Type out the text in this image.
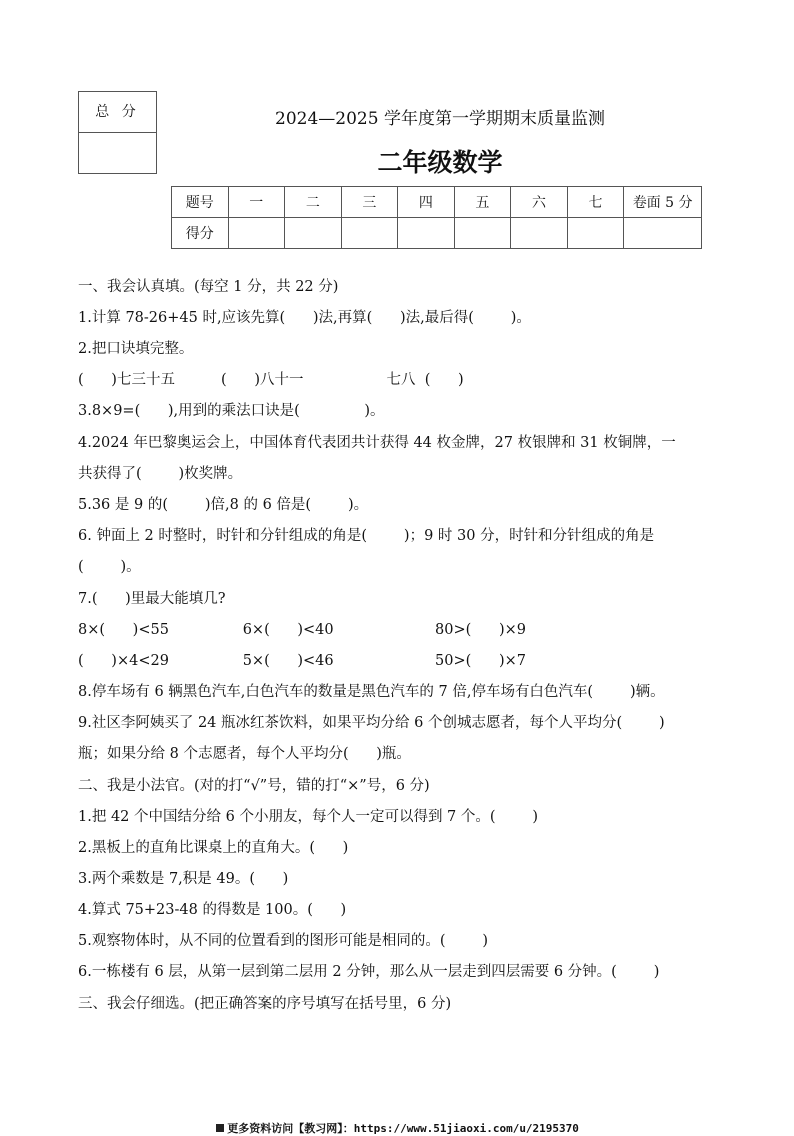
总 分	2024—2025 学年度第一学期期末质量监测
二年级数学
题号	一	二	三	四	五	六	七	卷面 5 分
得分								
一、我会认真填。(每空 1 分，共 22 分)
1.计算 78-26+45 时,应该先算(      )法,再算(      )法,最后得(        )。
2.把口诀填完整。
(      )七三十五          (      )八十一                  七八  (      )
3.8×9=(      ),用到的乘法口诀是(              )。
4.2024 年巴黎奥运会上，中国体育代表团共计获得 44 枚金牌，27 枚银牌和 31 枚铜牌，一
共获得了(        )枚奖牌。
5.36 是 9 的(        )倍,8 的 6 倍是(        )。
6. 钟面上 2 时整时，时针和分针组成的角是(        )；9 时 30 分，时针和分针组成的角是
(        )。
7.(      )里最大能填几?
8×(      )<55                6×(      )<40                      80>(      )×9
(      )×4<29                5×(      )<46                      50>(      )×7
8.停车场有 6 辆黑色汽车,白色汽车的数量是黑色汽车的 7 倍,停车场有白色汽车(        )辆。
9.社区李阿姨买了 24 瓶冰红茶饮料，如果平均分给 6 个创城志愿者，每个人平均分(        )
瓶；如果分给 8 个志愿者，每个人平均分(      )瓶。
二、我是小法官。(对的打“√”号，错的打“×”号，6 分)
1.把 42 个中国结分给 6 个小朋友，每个人一定可以得到 7 个。(        )
2.黑板上的直角比课桌上的直角大。(      )
3.两个乘数是 7,积是 49。(      )
4.算式 75+23-48 的得数是 100。(      )
5.观察物体时，从不同的位置看到的图形可能是相同的。(        )
6.一栋楼有 6 层，从第一层到第二层用 2 分钟，那么从一层走到四层需要 6 分钟。(        )
三、我会仔细选。(把正确答案的序号填写在括号里，6 分)

更多资料访问【教习网】：https://www.51jiaoxi.com/u/2195370
